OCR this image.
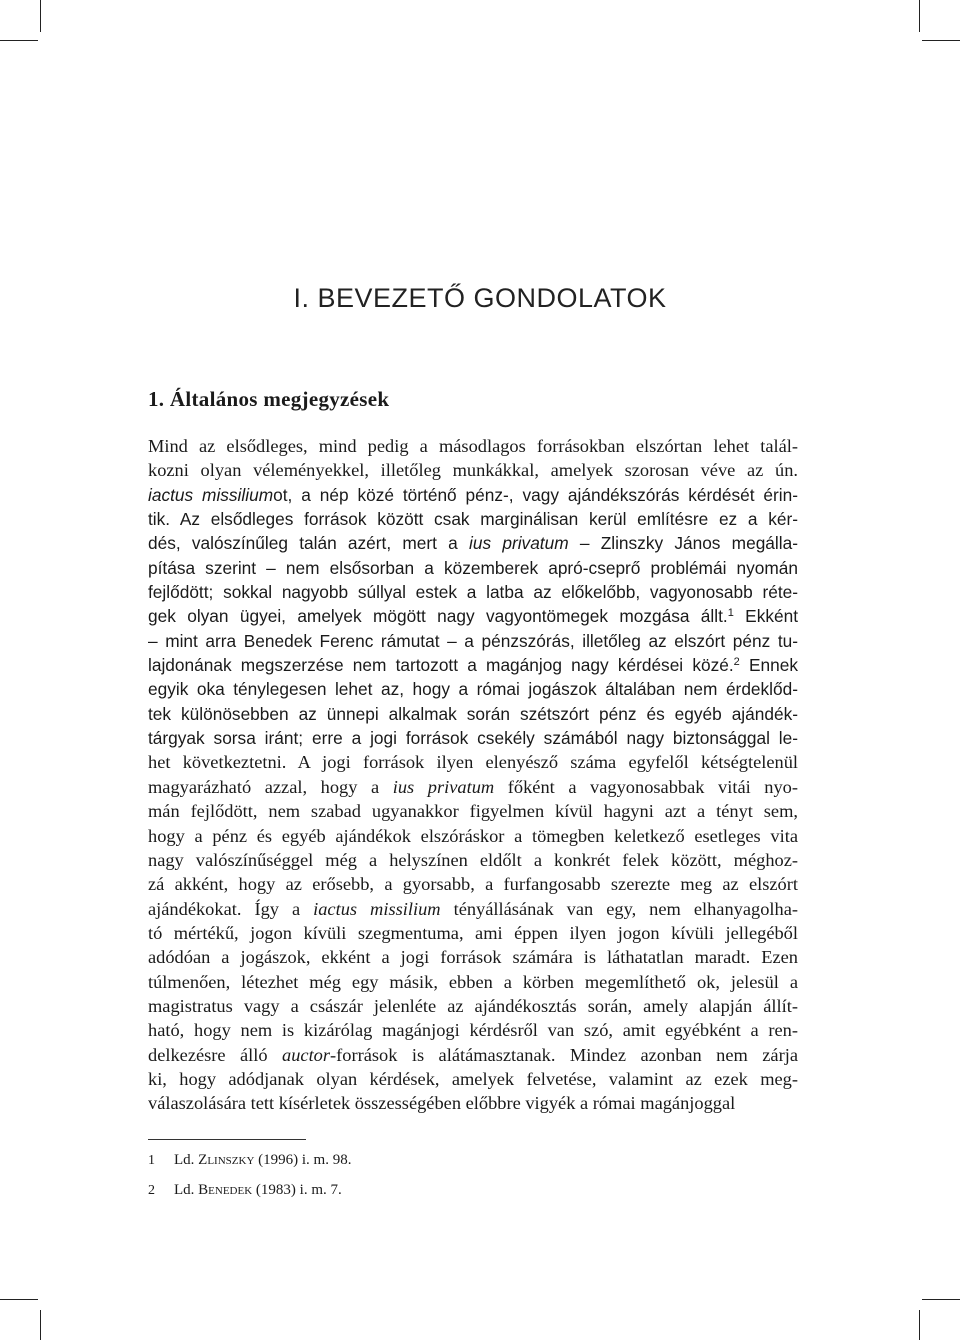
I. BEVEZETŐ GONDOLATOK
1. Általános megjegyzések
Mind az elsődleges, mind pedig a másodlagos forrásokban elszórtan lehet talál-
kozni olyan véleményekkel, illetőleg munkákkal, amelyek szorosan véve az ún.
iactus missiliumot, a nép közé történő pénz-, vagy ajándékszórás kérdését érin-
tik. Az elsődleges források között csak marginálisan kerül említésre ez a kér-
dés, valószínűleg talán azért, mert a ius privatum – Zlinszky János megálla-
pítása szerint – nem elsősorban a közemberek apró-cseprő problémái nyomán
fejlődött; sokkal nagyobb súllyal estek a latba az előkelőbb, vagyonosabb réte-
gek olyan ügyei, amelyek mögött nagy vagyontömegek mozgása állt.$^1$ Ekként
– mint arra Benedek Ferenc rámutat – a pénzszórás, illetőleg az elszórt pénz tu-
lajdonának megszerzése nem tartozott a magánjog nagy kérdései közé.$^2$ Ennek
egyik oka ténylegesen lehet az, hogy a római jogászok általában nem érdeklőd-
tek különösebben az ünnepi alkalmak során szétszórt pénz és egyéb ajándék-
tárgyak sorsa iránt; erre a jogi források csekély számából nagy biztonsággal le-
het következtetni. A jogi források ilyen elenyésző száma egyfelől kétségtelenül
magyarázható azzal, hogy a ius privatum főként a vagyonosabbak vitái nyo-
mán fejlődött, nem szabad ugyanakkor figyelmen kívül hagyni azt a tényt sem,
hogy a pénz és egyéb ajándékok elszóráskor a tömegben keletkező esetleges vita
nagy valószínűséggel még a helyszínen eldőlt a konkrét felek között, méghoz-
zá akként, hogy az erősebb, a gyorsabb, a furfangosabb szerezte meg az elszórt
ajándékokat. Így a iactus missilium tényállásának van egy, nem elhanyagolha-
tó mértékű, jogon kívüli szegmentuma, ami éppen ilyen jogon kívüli jellegéből
adódóan a jogászok, ekként a jogi források számára is láthatatlan maradt. Ezen
túlmenően, létezhet még egy másik, ebben a körben megemlíthető ok, jelesül a
magistratus vagy a császár jelenléte az ajándékosztás során, amely alapján állít-
ható, hogy nem is kizárólag magánjogi kérdésről van szó, amit egyébként a ren-
delkezésre álló auctor-források is alátámasztanak. Mindez azonban nem zárja
ki, hogy adódjanak olyan kérdések, amelyek felvetése, valamint az ezek meg-
válaszolására tett kísérletek összességében előbbre vigyék a római magánjoggal
1 Ld. Zlinszky (1996) i. m. 98.
2 Ld. Benedek (1983) i. m. 7.
